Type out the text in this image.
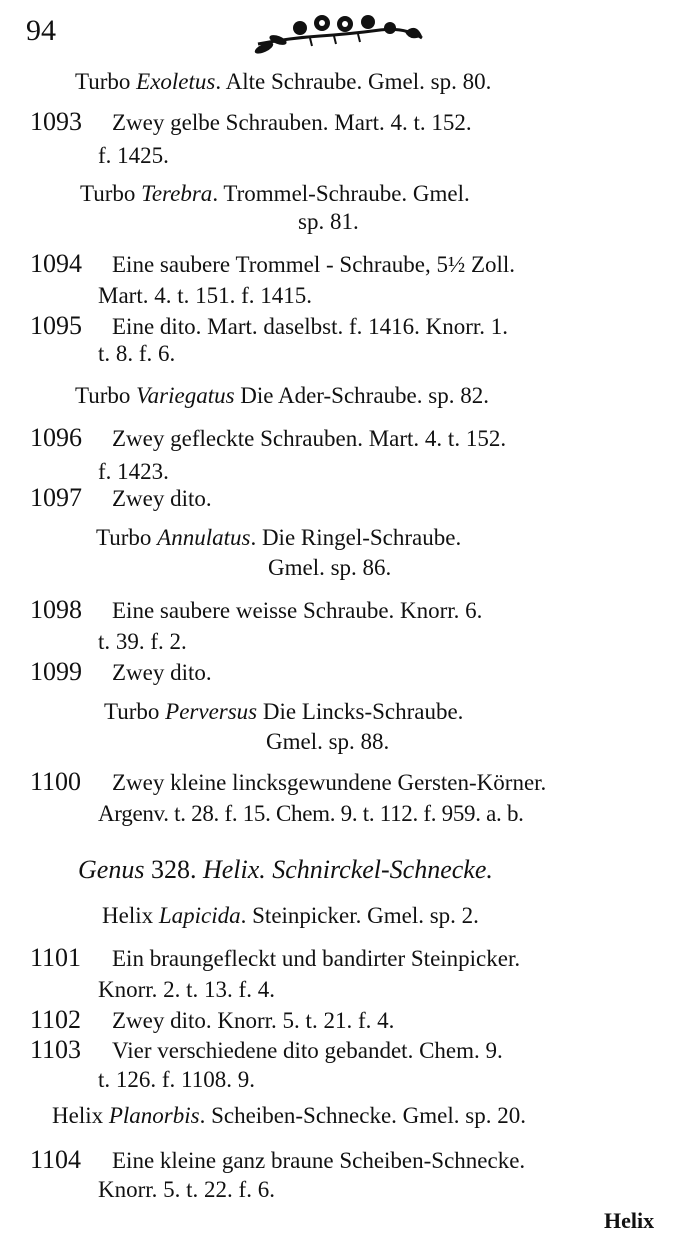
94
Turbo Exoletus. Alte Schraube. Gmel. sp. 80.
1093 Zwey gelbe Schrauben. Mart. 4. t. 152.
f. 1425.
Turbo Terebra. Trommel-Schraube. Gmel.
sp. 81.
1094 Eine saubere Trommel - Schraube, 5½ Zoll.
Mart. 4. t. 151. f. 1415.
1095 Eine dito. Mart. daselbst. f. 1416. Knorr. 1.
t. 8. f. 6.
Turbo Variegatus Die Ader-Schraube. sp. 82.
1096 Zwey gefleckte Schrauben. Mart. 4. t. 152.
f. 1423.
1097 Zwey dito.
Turbo Annulatus. Die Ringel-Schraube.
Gmel. sp. 86.
1098 Eine saubere weisse Schraube. Knorr. 6.
t. 39. f. 2.
1099 Zwey dito.
Turbo Perversus Die Lincks-Schraube.
Gmel. sp. 88.
1100 Zwey kleine lincksgewundene Gersten-Körner.
Argenv. t. 28. f. 15. Chem. 9. t. 112. f. 959. a. b.
Genus 328. Helix. Schnirckel-Schnecke.
Helix Lapicida. Steinpicker. Gmel. sp. 2.
1101 Ein braungefleckt und bandirter Steinpicker.
Knorr. 2. t. 13. f. 4.
1102 Zwey dito. Knorr. 5. t. 21. f. 4.
1103 Vier verschiedene dito gebandet. Chem. 9.
t. 126. f. 1108. 9.
Helix Planorbis. Scheiben-Schnecke. Gmel. sp. 20.
1104 Eine kleine ganz braune Scheiben-Schnecke.
Knorr. 5. t. 22. f. 6.
Helix
